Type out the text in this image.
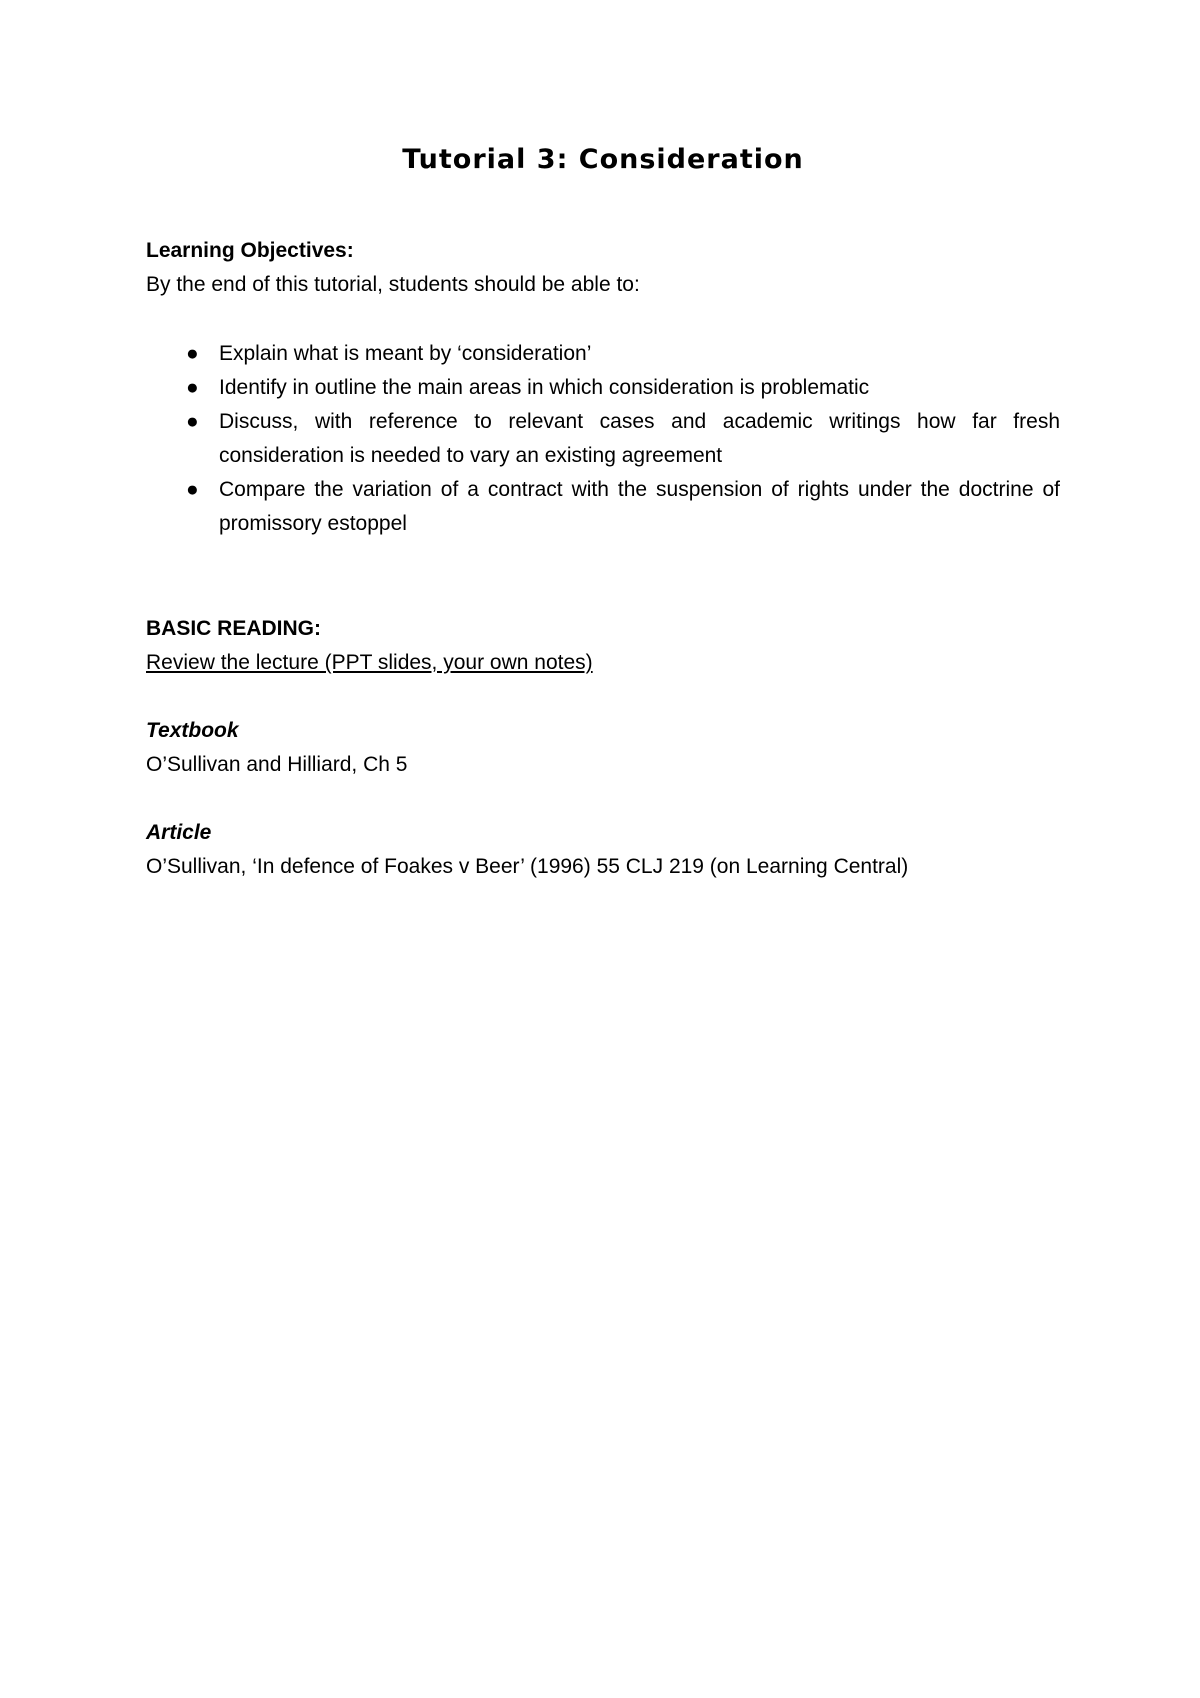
Tutorial 3: Consideration
Learning Objectives:
By the end of this tutorial, students should be able to:
● Explain what is meant by ‘consideration’
● Identify in outline the main areas in which consideration is problematic
● Discuss, with reference to relevant cases and academic writings how far fresh consideration is needed to vary an existing agreement
● Compare the variation of a contract with the suspension of rights under the doctrine of promissory estoppel
BASIC READING:
Review the lecture (PPT slides, your own notes)
Textbook
O’Sullivan and Hilliard, Ch 5
Article
O’Sullivan, ‘In defence of Foakes v Beer’ (1996) 55 CLJ 219 (on Learning Central)
